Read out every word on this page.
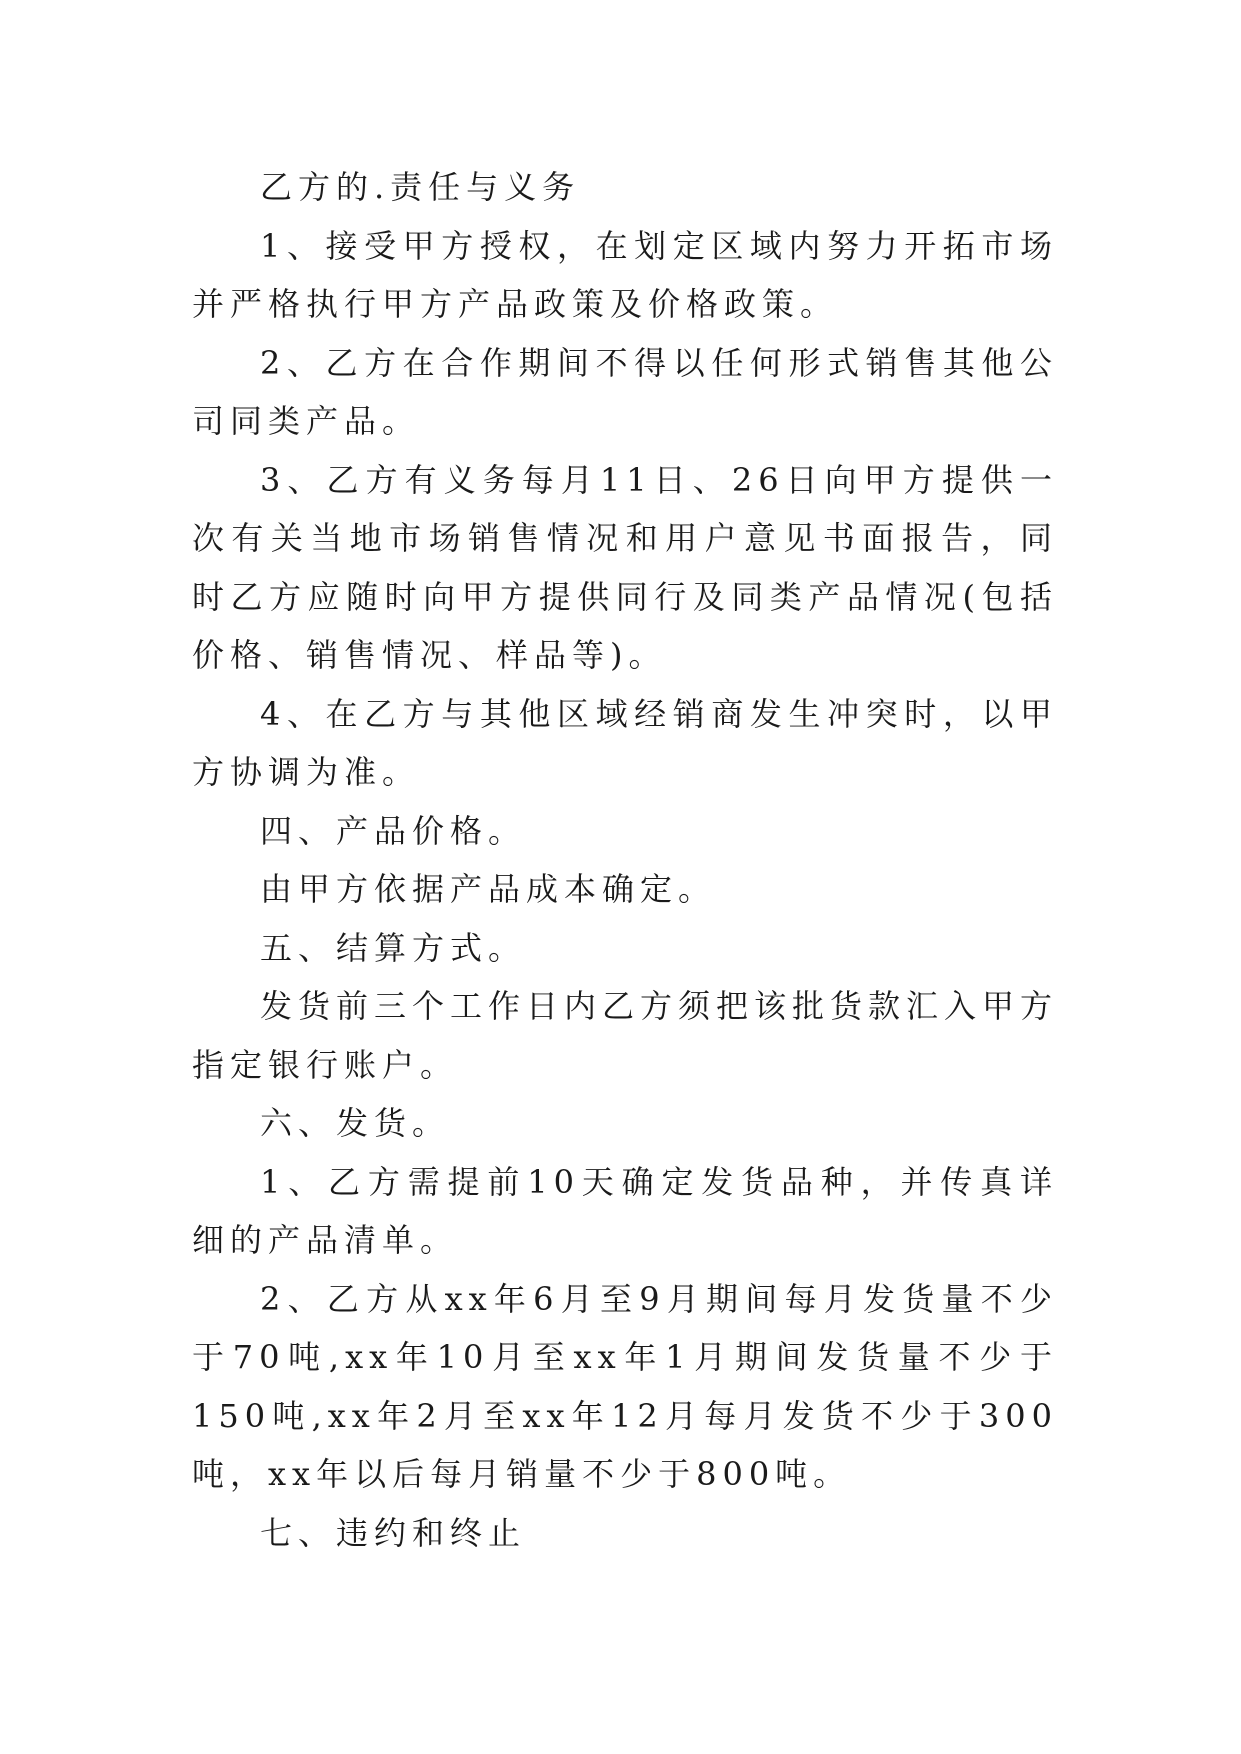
乙方的.责任与义务

1、接受甲方授权，在划定区域内努力开拓市场并严格执行甲方产品政策及价格政策。

2、乙方在合作期间不得以任何形式销售其他公司同类产品。

3、乙方有义务每月11日、26日向甲方提供一次有关当地市场销售情况和用户意见书面报告，同时乙方应随时向甲方提供同行及同类产品情况(包括价格、销售情况、样品等)。

4、在乙方与其他区域经销商发生冲突时，以甲方协调为准。

四、产品价格。

由甲方依据产品成本确定。

五、结算方式。

发货前三个工作日内乙方须把该批货款汇入甲方指定银行账户。

六、发货。

1、乙方需提前10天确定发货品种，并传真详细的产品清单。

2、乙方从xx年6月至9月期间每月发货量不少于70吨,xx年10月至xx年1月期间发货量不少于150吨,xx年2月至xx年12月每月发货不少于300吨，xx年以后每月销量不少于800吨。

七、违约和终止
